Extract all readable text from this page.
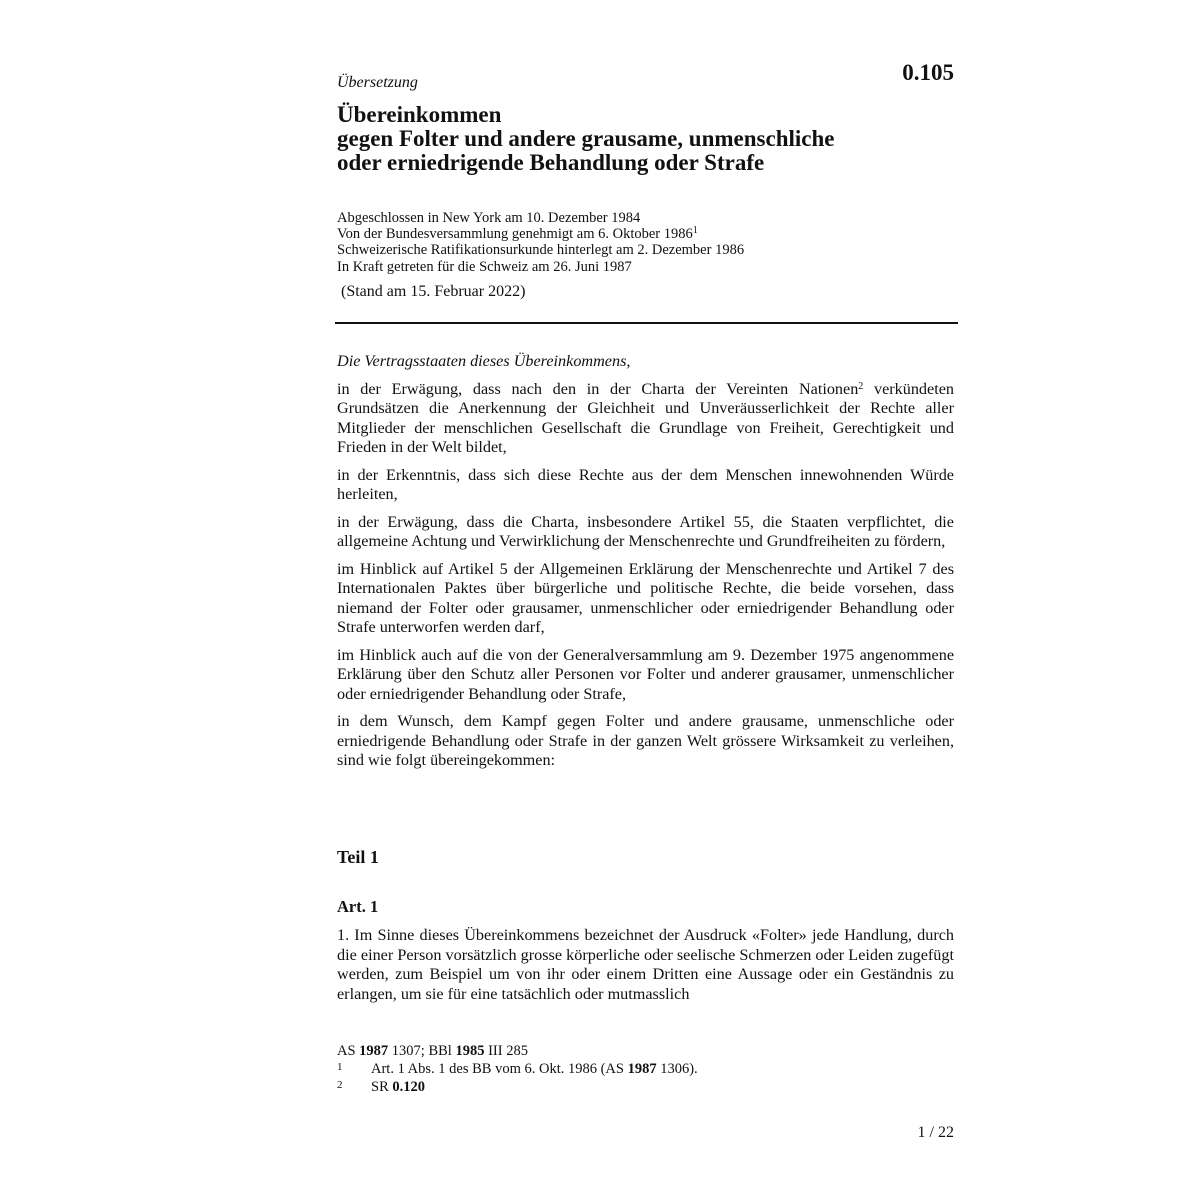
0.105
Übersetzung
Übereinkommen
gegen Folter und andere grausame, unmenschliche
oder erniedrigende Behandlung oder Strafe
Abgeschlossen in New York am 10. Dezember 1984
Von der Bundesversammlung genehmigt am 6. Oktober 1986$^1$
Schweizerische Ratifikationsurkunde hinterlegt am 2. Dezember 1986
In Kraft getreten für die Schweiz am 26. Juni 1987
(Stand am 15. Februar 2022)

Die Vertragsstaaten dieses Übereinkommens,

in der Erwägung, dass nach den in der Charta der Vereinten Nationen$^2$ verkündeten Grundsätzen die Anerkennung der Gleichheit und Unveräusserlichkeit der Rechte aller Mitglieder der menschlichen Gesellschaft die Grundlage von Freiheit, Gerechtigkeit und Frieden in der Welt bildet,

in der Erkenntnis, dass sich diese Rechte aus der dem Menschen innewohnenden Würde herleiten,

in der Erwägung, dass die Charta, insbesondere Artikel 55, die Staaten verpflichtet, die allgemeine Achtung und Verwirklichung der Menschenrechte und Grundfreiheiten zu fördern,

im Hinblick auf Artikel 5 der Allgemeinen Erklärung der Menschenrechte und Artikel 7 des Internationalen Paktes über bürgerliche und politische Rechte, die beide vorsehen, dass niemand der Folter oder grausamer, unmenschlicher oder erniedrigender Behandlung oder Strafe unterworfen werden darf,

im Hinblick auch auf die von der Generalversammlung am 9. Dezember 1975 angenommene Erklärung über den Schutz aller Personen vor Folter und anderer grausamer, unmenschlicher oder erniedrigender Behandlung oder Strafe,

in dem Wunsch, dem Kampf gegen Folter und andere grausame, unmenschliche oder erniedrigende Behandlung oder Strafe in der ganzen Welt grössere Wirksamkeit zu verleihen, sind wie folgt übereingekommen:

Teil 1
Art. 1

1. Im Sinne dieses Übereinkommens bezeichnet der Ausdruck «Folter» jede Handlung, durch die einer Person vorsätzlich grosse körperliche oder seelische Schmerzen oder Leiden zugefügt werden, zum Beispiel um von ihr oder einem Dritten eine Aussage oder ein Geständnis zu erlangen, um sie für eine tatsächlich oder mutmasslich

AS 1987 1307; BBl 1985 III 285
1 Art. 1 Abs. 1 des BB vom 6. Okt. 1986 (AS 1987 1306).
2 SR 0.120
1 / 22
